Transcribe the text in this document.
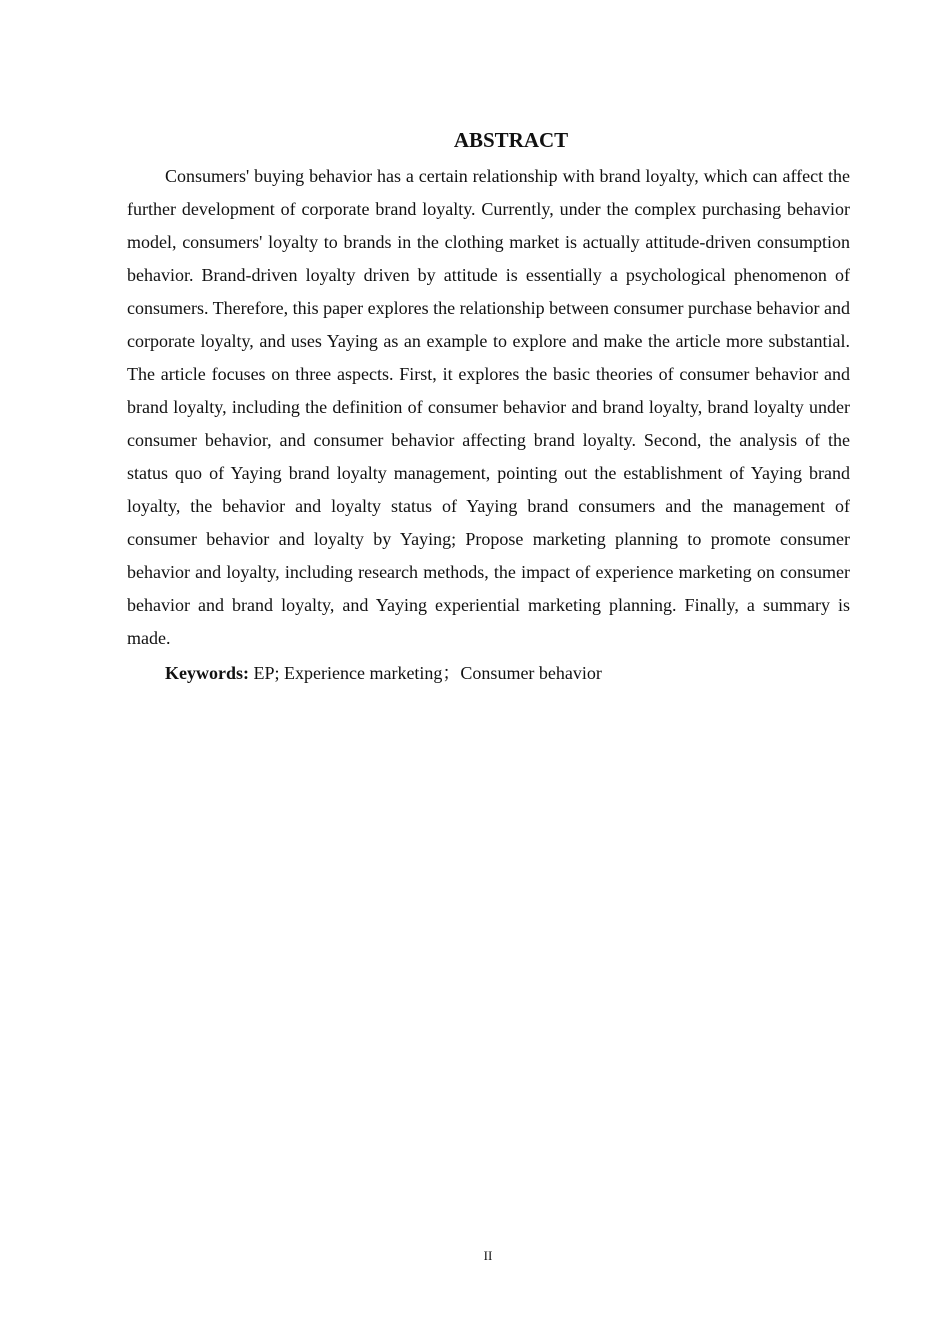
ABSTRACT

Consumers' buying behavior has a certain relationship with brand loyalty, which can affect the further development of corporate brand loyalty. Currently, under the complex purchasing behavior model, consumers' loyalty to brands in the clothing market is actually attitude-driven consumption behavior. Brand-driven loyalty driven by attitude is essentially a psychological phenomenon of consumers. Therefore, this paper explores the relationship between consumer purchase behavior and corporate loyalty, and uses Yaying as an example to explore and make the article more substantial. The article focuses on three aspects. First, it explores the basic theories of consumer behavior and brand loyalty, including the definition of consumer behavior and brand loyalty, brand loyalty under consumer behavior, and consumer behavior affecting brand loyalty. Second, the analysis of the status quo of Yaying brand loyalty management, pointing out the establishment of Yaying brand loyalty, the behavior and loyalty status of Yaying brand consumers and the management of consumer behavior and loyalty by Yaying; Propose marketing planning to promote consumer behavior and loyalty, including research methods, the impact of experience marketing on consumer behavior and brand loyalty, and Yaying experiential marketing planning. Finally, a summary is made.

Keywords: EP; Experience marketing；Consumer behavior

II
